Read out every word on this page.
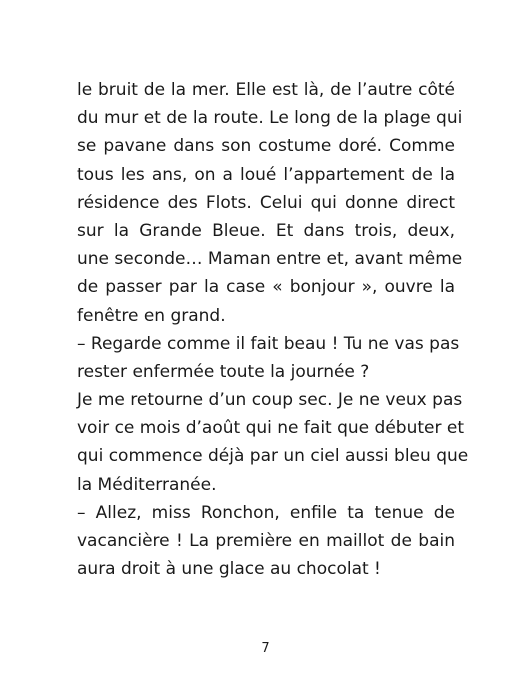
le bruit de la mer. Elle est là, de l’autre côté
du mur et de la route. Le long de la plage qui
se pavane dans son costume doré. Comme
tous les ans, on a loué l’appartement de la
résidence des Flots. Celui qui donne direct
sur la Grande Bleue. Et dans trois, deux,
une seconde… Maman entre et, avant même
de passer par la case « bonjour », ouvre la
fenêtre en grand.
– Regarde comme il fait beau ! Tu ne vas pas
rester enfermée toute la journée ?
Je me retourne d’un coup sec. Je ne veux pas
voir ce mois d’août qui ne fait que débuter et
qui commence déjà par un ciel aussi bleu que
la Méditerranée.
– Allez, miss Ronchon, enfile ta tenue de
vacancière ! La première en maillot de bain
aura droit à une glace au chocolat !
7
